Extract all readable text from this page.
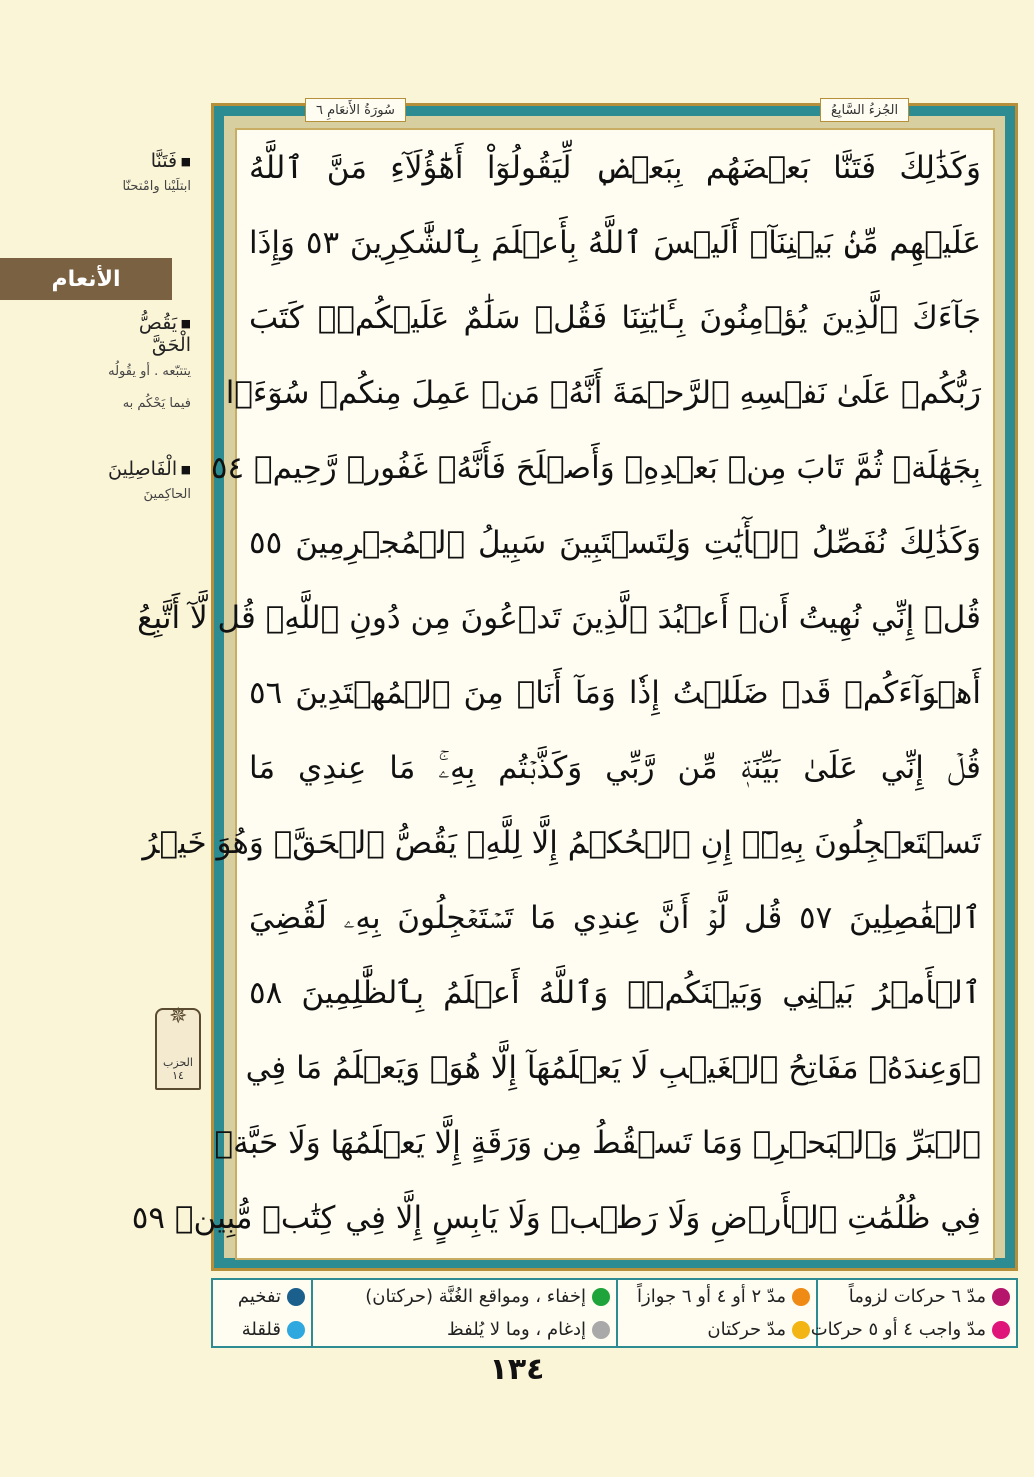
■ فَتَنَّا
ابتلَيْنا وامْتحنّا
الأنعام
■ يَقُصُّ الْحَقَّ
يتتبّعه . أو يقُولُه فيما يَحْكُم به
■ الْفَاصِلِينَ
الحاكِمينَ
✵ الحزب ١٤
سُورَةُ الأَنعَامِ ٦	الجُزءُ السَّابِعُ
وَكَذَٰلِكَ فَتَنَّا بَعۡضَهُم بِبَعۡضٖ لِّيَقُولُوٓاْ أَهَٰٓؤُلَآءِ مَنَّ ٱللَّهُ
عَلَيۡهِم مِّنۢ بَيۡنِنَآۗ أَلَيۡسَ ٱللَّهُ بِأَعۡلَمَ بِٱلشَّٰكِرِينَ ٥٣ وَإِذَا
جَآءَكَ ٱلَّذِينَ يُؤۡمِنُونَ بِـَٔايَٰتِنَا فَقُلۡ سَلَٰمٌ عَلَيۡكُمۡۖ كَتَبَ
رَبُّكُمۡ عَلَىٰ نَفۡسِهِ ٱلرَّحۡمَةَ أَنَّهُۥ مَنۡ عَمِلَ مِنكُمۡ سُوٓءَۢا
بِجَهَٰلَةٖ ثُمَّ تَابَ مِنۢ بَعۡدِهِۦ وَأَصۡلَحَ فَأَنَّهُۥ غَفُورٞ رَّحِيمٞ ٥٤
وَكَذَٰلِكَ نُفَصِّلُ ٱلۡأٓيَٰتِ وَلِتَسۡتَبِينَ سَبِيلُ ٱلۡمُجۡرِمِينَ ٥٥
قُلۡ إِنِّي نُهِيتُ أَنۡ أَعۡبُدَ ٱلَّذِينَ تَدۡعُونَ مِن دُونِ ٱللَّهِۚ قُل لَّآ أَتَّبِعُ
أَهۡوَآءَكُمۡ قَدۡ ضَلَلۡتُ إِذٗا وَمَآ أَنَا۠ مِنَ ٱلۡمُهۡتَدِينَ ٥٦
قُلۡ إِنِّي عَلَىٰ بَيِّنَةٖ مِّن رَّبِّي وَكَذَّبۡتُم بِهِۦۚ مَا عِندِي مَا
تَسۡتَعۡجِلُونَ بِهِۦٓۚ إِنِ ٱلۡحُكۡمُ إِلَّا لِلَّهِۖ يَقُصُّ ٱلۡحَقَّۖ وَهُوَ خَيۡرُ
ٱلۡفَٰصِلِينَ ٥٧ قُل لَّوۡ أَنَّ عِندِي مَا تَسۡتَعۡجِلُونَ بِهِۦ لَقُضِيَ
ٱلۡأَمۡرُ بَيۡنِي وَبَيۡنَكُمۡۗ وَٱللَّهُ أَعۡلَمُ بِٱلظَّٰلِمِينَ ٥٨
۞وَعِندَهُۥ مَفَاتِحُ ٱلۡغَيۡبِ لَا يَعۡلَمُهَآ إِلَّا هُوَۚ وَيَعۡلَمُ مَا فِي
ٱلۡبَرِّ وَٱلۡبَحۡرِۚ وَمَا تَسۡقُطُ مِن وَرَقَةٍ إِلَّا يَعۡلَمُهَا وَلَا حَبَّةٖ
فِي ظُلُمَٰتِ ٱلۡأَرۡضِ وَلَا رَطۡبٖ وَلَا يَابِسٍ إِلَّا فِي كِتَٰبٖ مُّبِينٖ ٥٩
مدّ ٦ حركات لزوماً
مدّ واجب ٤ أو ٥ حركات
مدّ ٢ أو ٤ أو ٦ جوازاً
مدّ حركتان
إخفاء ، ومواقع الغُنَّة (حركتان)
إدغام ، وما لا يُلفظ
تفخيم
قلقلة
١٣٤
